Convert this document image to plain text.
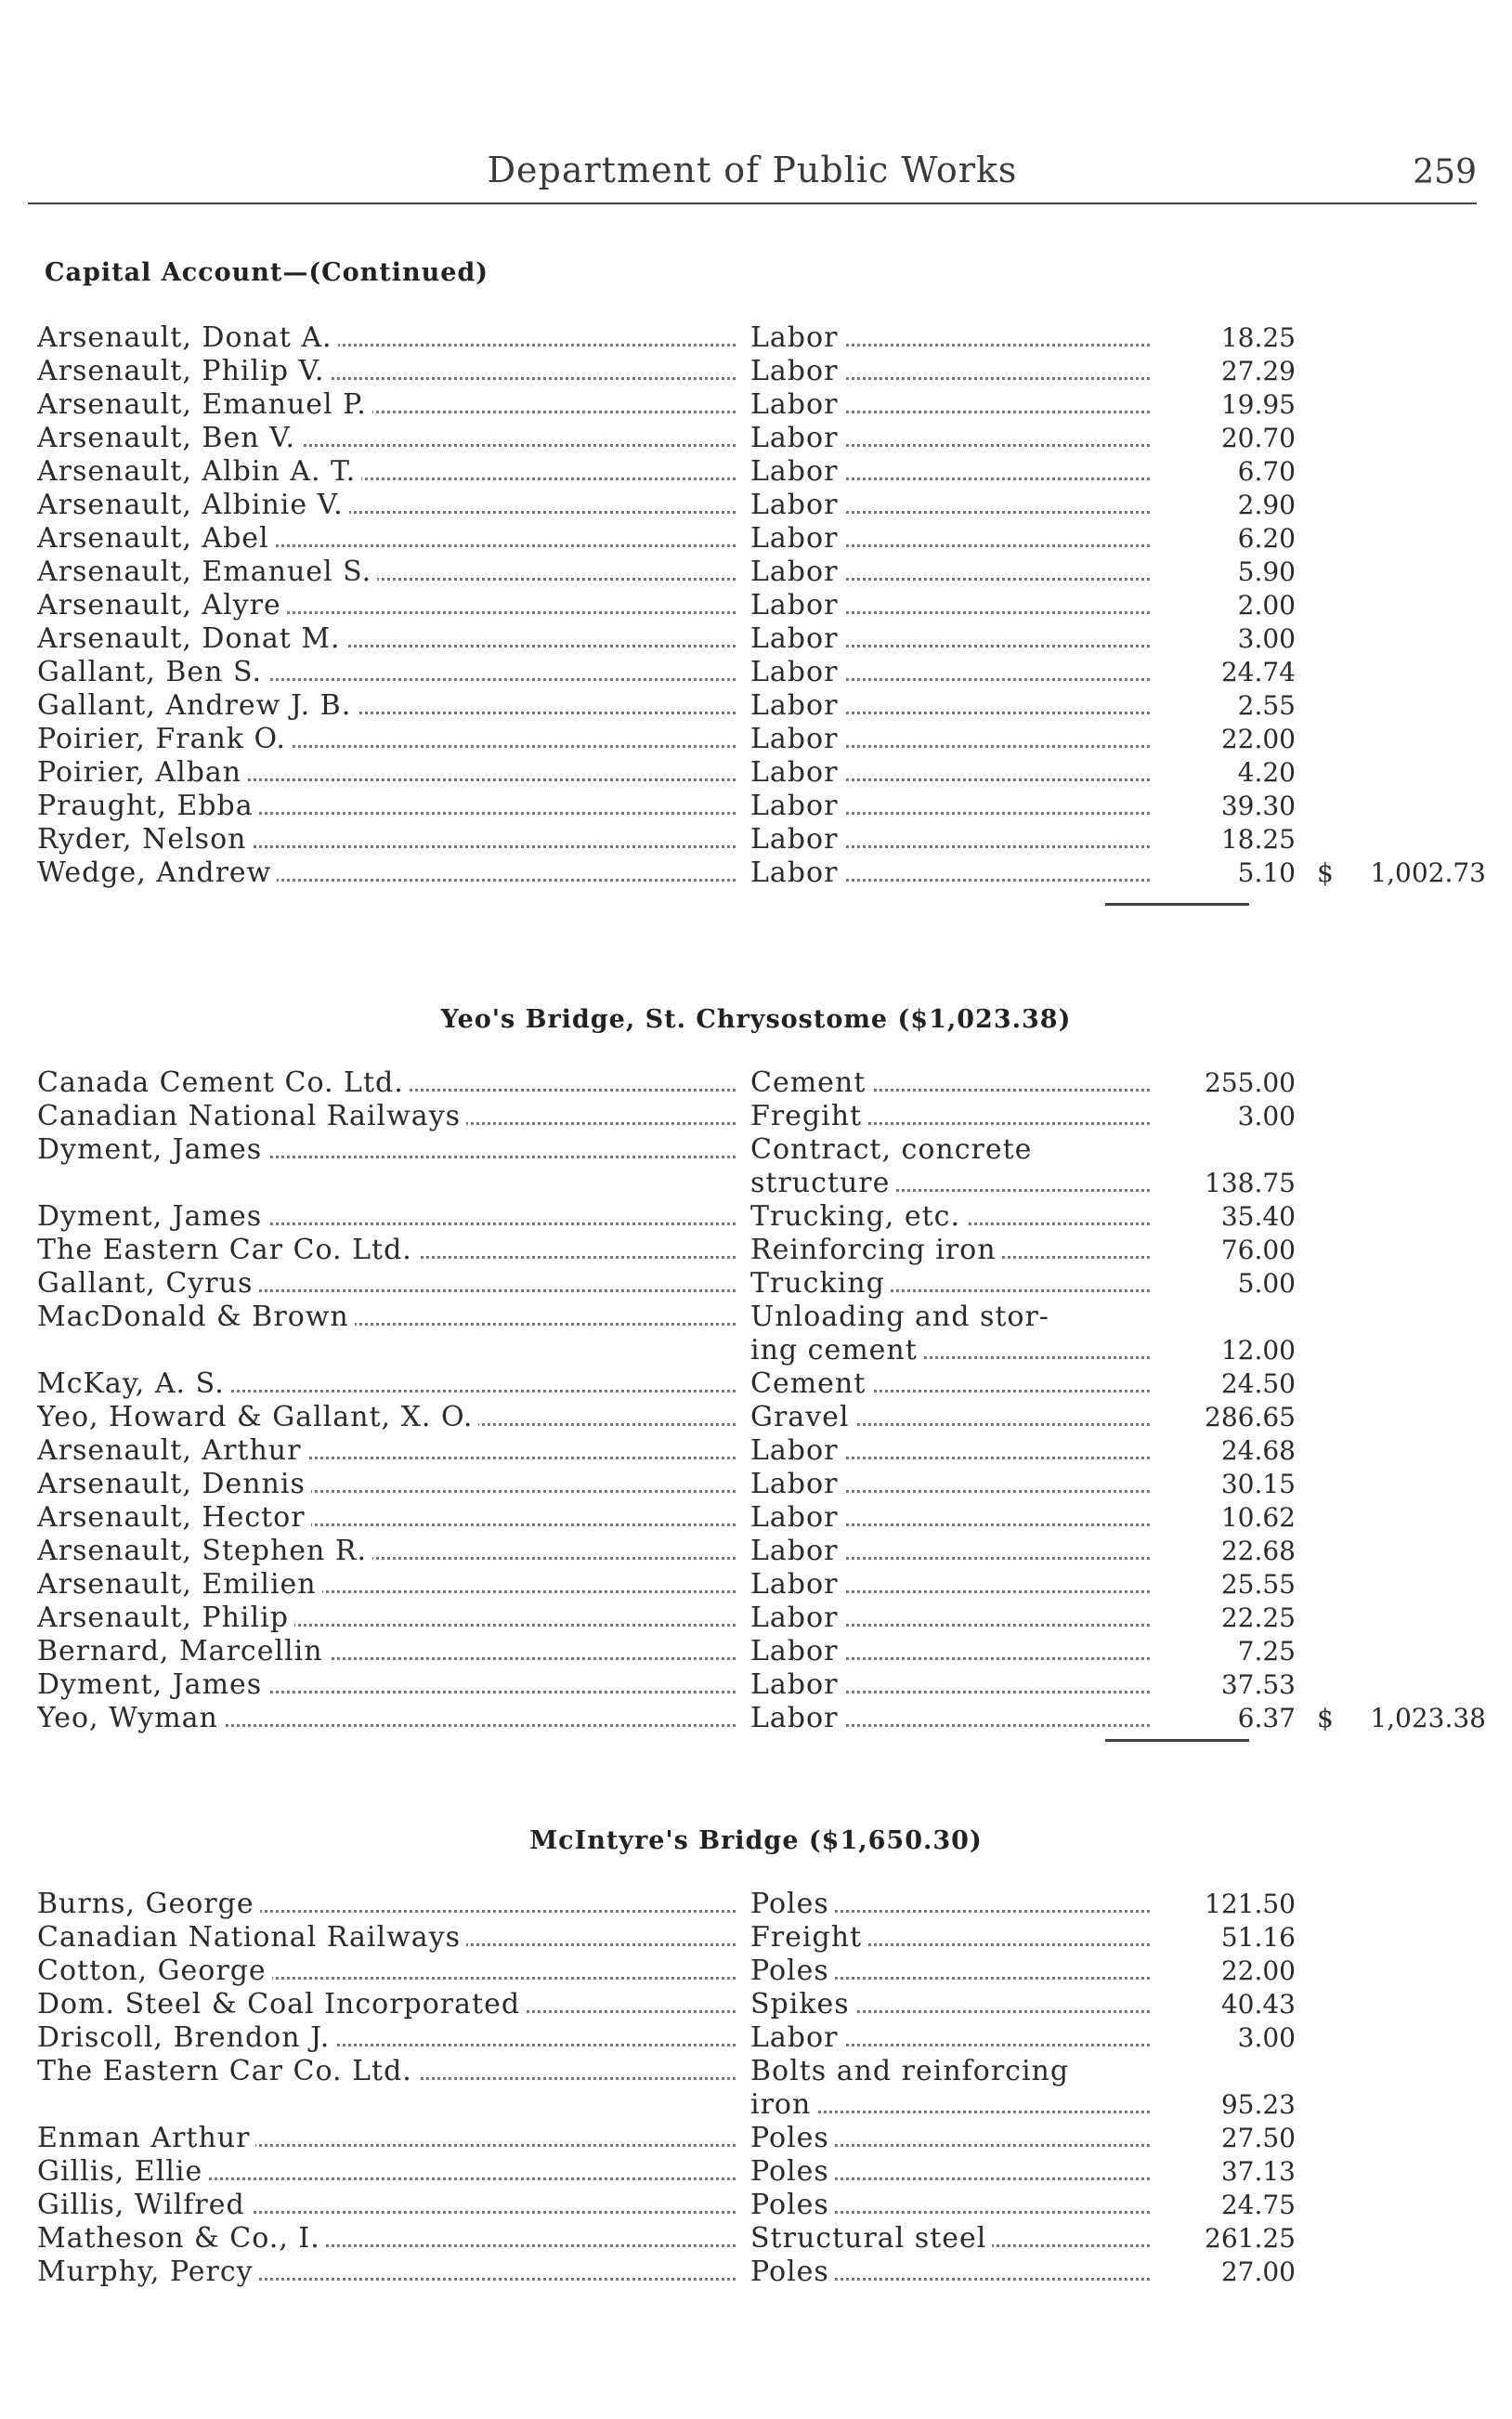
Department of Public Works	259
Capital Account—(Continued)
Arsenault, Donat A.	Labor	18.25
Arsenault, Philip V.	Labor	27.29
Arsenault, Emanuel P.	Labor	19.95
Arsenault, Ben V.	Labor	20.70
Arsenault, Albin A. T.	Labor	6.70
Arsenault, Albinie V.	Labor	2.90
Arsenault, Abel	Labor	6.20
Arsenault, Emanuel S.	Labor	5.90
Arsenault, Alyre	Labor	2.00
Arsenault, Donat M.	Labor	3.00
Gallant, Ben S.	Labor	24.74
Gallant, Andrew J. B.	Labor	2.55
Poirier, Frank O.	Labor	22.00
Poirier, Alban	Labor	4.20
Praught, Ebba	Labor	39.30
Ryder, Nelson	Labor	18.25
Wedge, Andrew	Labor	5.10 $	1,002.73
Yeo's Bridge, St. Chrysostome ($1,023.38)
Canada Cement Co. Ltd.	Cement	255.00
Canadian National Railways	Fregiht	3.00
Dyment, James	Contract, concrete
structure	138.75
Dyment, James	Trucking, etc.	35.40
The Eastern Car Co. Ltd.	Reinforcing iron	76.00
Gallant, Cyrus	Trucking	5.00
MacDonald & Brown	Unloading and stor-
ing cement	12.00
McKay, A. S.	Cement	24.50
Yeo, Howard & Gallant, X. O.	Gravel	286.65
Arsenault, Arthur	Labor	24.68
Arsenault, Dennis	Labor	30.15
Arsenault, Hector	Labor	10.62
Arsenault, Stephen R.	Labor	22.68
Arsenault, Emilien	Labor	25.55
Arsenault, Philip	Labor	22.25
Bernard, Marcellin	Labor	7.25
Dyment, James	Labor	37.53
Yeo, Wyman	Labor	6.37 $	1,023.38
McIntyre's Bridge ($1,650.30)
Burns, George	Poles	121.50
Canadian National Railways	Freight	51.16
Cotton, George	Poles	22.00
Dom. Steel & Coal Incorporated	Spikes	40.43
Driscoll, Brendon J.	Labor	3.00
The Eastern Car Co. Ltd.	Bolts and reinforcing
iron	95.23
Enman Arthur	Poles	27.50
Gillis, Ellie	Poles	37.13
Gillis, Wilfred	Poles	24.75
Matheson & Co., I.	Structural steel	261.25
Murphy, Percy	Poles	27.00
